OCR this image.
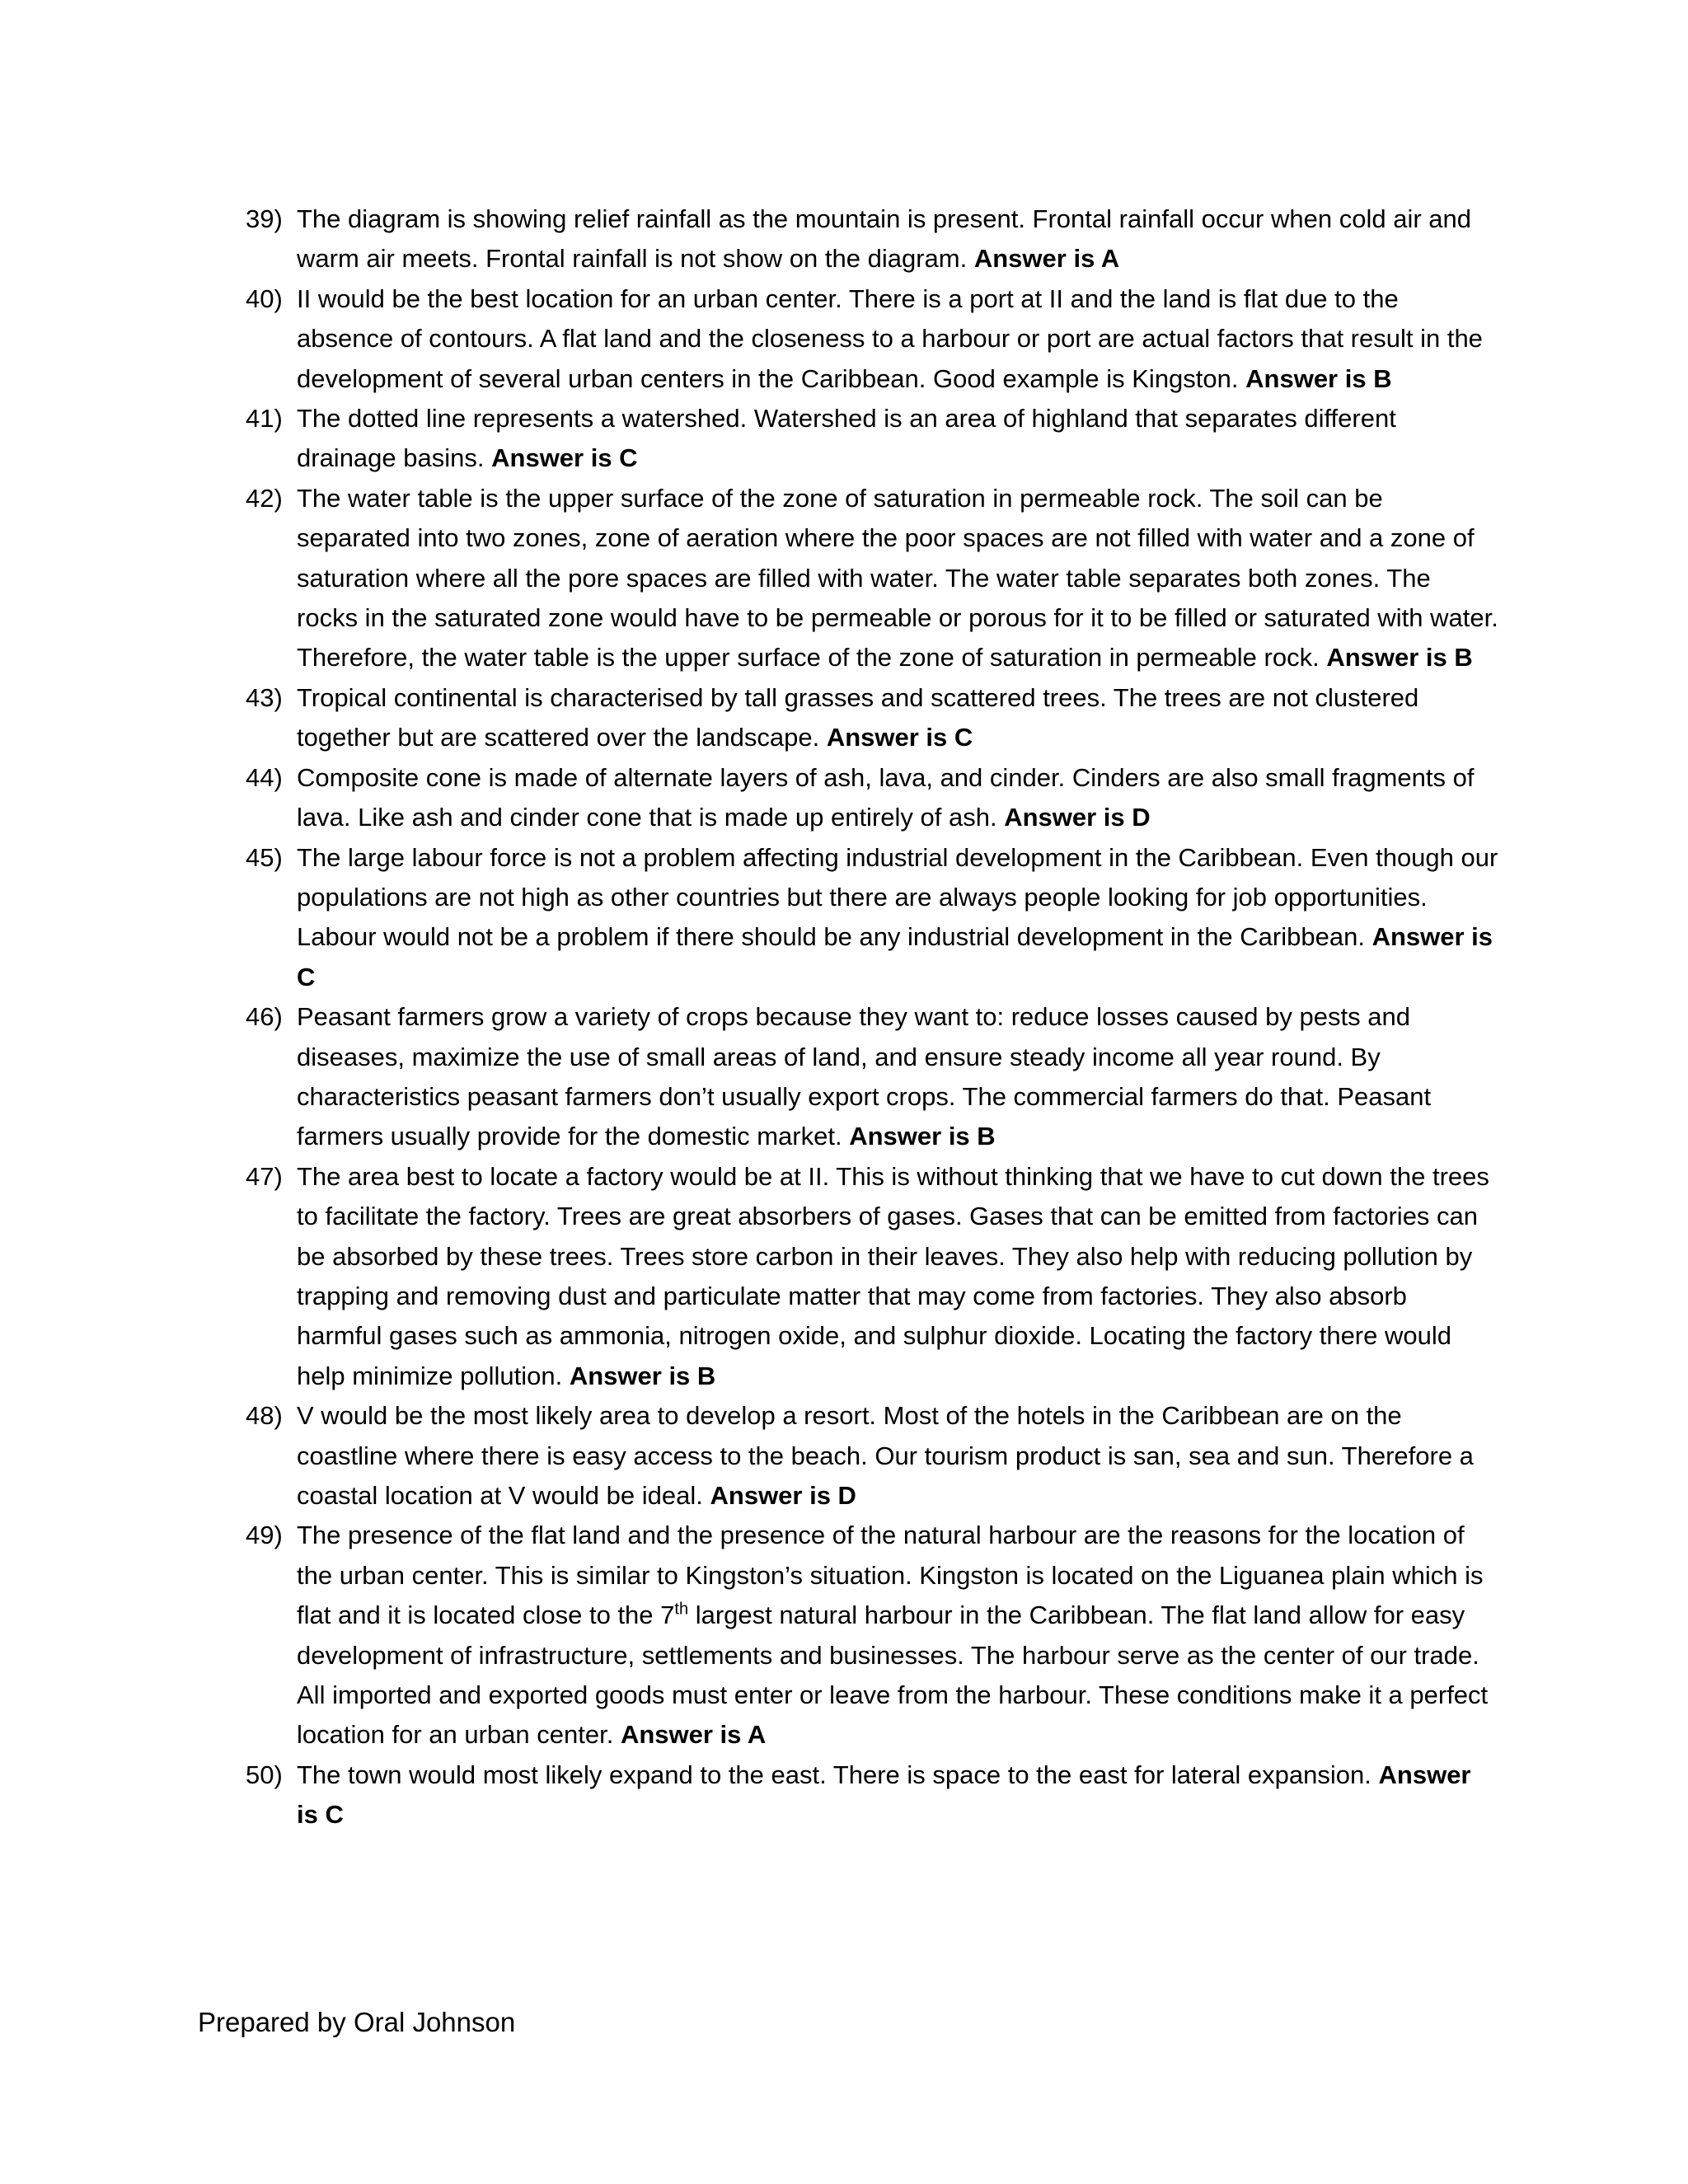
39) The diagram is showing relief rainfall as the mountain is present. Frontal rainfall occur when cold air and warm air meets. Frontal rainfall is not show on the diagram. Answer is A
40) II would be the best location for an urban center. There is a port at II and the land is flat due to the absence of contours. A flat land and the closeness to a harbour or port are actual factors that result in the development of several urban centers in the Caribbean. Good example is Kingston. Answer is B
41) The dotted line represents a watershed. Watershed is an area of highland that separates different drainage basins. Answer is C
42) The water table is the upper surface of the zone of saturation in permeable rock. The soil can be separated into two zones, zone of aeration where the poor spaces are not filled with water and a zone of saturation where all the pore spaces are filled with water. The water table separates both zones. The rocks in the saturated zone would have to be permeable or porous for it to be filled or saturated with water. Therefore, the water table is the upper surface of the zone of saturation in permeable rock. Answer is B
43) Tropical continental is characterised by tall grasses and scattered trees. The trees are not clustered together but are scattered over the landscape. Answer is C
44) Composite cone is made of alternate layers of ash, lava, and cinder. Cinders are also small fragments of lava. Like ash and cinder cone that is made up entirely of ash. Answer is D
45) The large labour force is not a problem affecting industrial development in the Caribbean. Even though our populations are not high as other countries but there are always people looking for job opportunities. Labour would not be a problem if there should be any industrial development in the Caribbean. Answer is C
46) Peasant farmers grow a variety of crops because they want to: reduce losses caused by pests and diseases, maximize the use of small areas of land, and ensure steady income all year round. By characteristics peasant farmers don’t usually export crops. The commercial farmers do that. Peasant farmers usually provide for the domestic market. Answer is B
47) The area best to locate a factory would be at II. This is without thinking that we have to cut down the trees to facilitate the factory. Trees are great absorbers of gases. Gases that can be emitted from factories can be absorbed by these trees. Trees store carbon in their leaves. They also help with reducing pollution by trapping and removing dust and particulate matter that may come from factories. They also absorb harmful gases such as ammonia, nitrogen oxide, and sulphur dioxide. Locating the factory there would help minimize pollution. Answer is B
48) V would be the most likely area to develop a resort. Most of the hotels in the Caribbean are on the coastline where there is easy access to the beach. Our tourism product is san, sea and sun. Therefore a coastal location at V would be ideal. Answer is D
49) The presence of the flat land and the presence of the natural harbour are the reasons for the location of the urban center. This is similar to Kingston’s situation. Kingston is located on the Liguanea plain which is flat and it is located close to the 7th largest natural harbour in the Caribbean. The flat land allow for easy development of infrastructure, settlements and businesses. The harbour serve as the center of our trade. All imported and exported goods must enter or leave from the harbour. These conditions make it a perfect location for an urban center. Answer is A
50) The town would most likely expand to the east. There is space to the east for lateral expansion. Answer is C
Prepared by Oral Johnson
